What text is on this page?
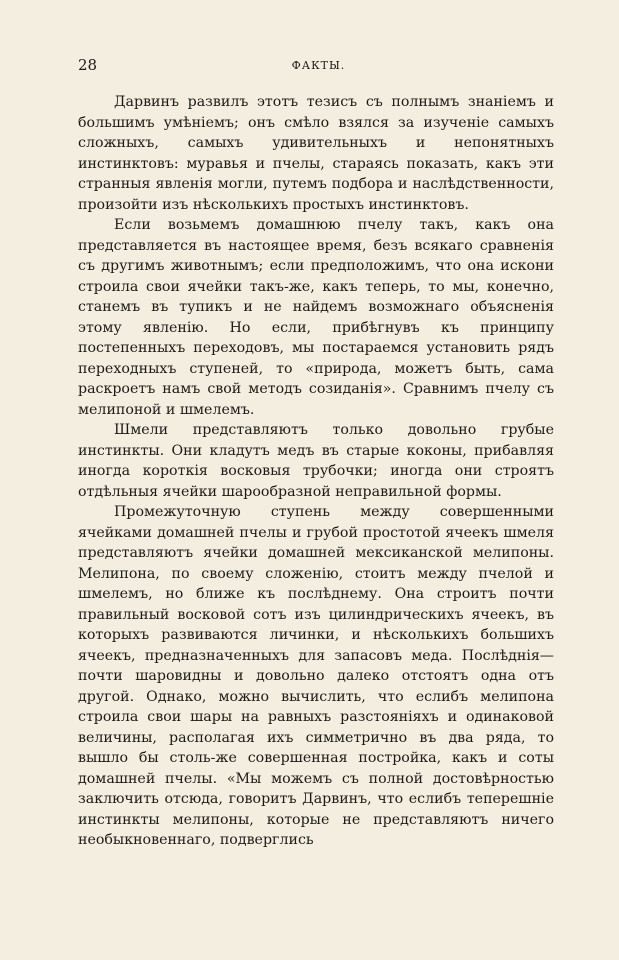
28	ФАКТЫ.

Дарвинъ развилъ этотъ тезисъ съ полнымъ знаніемъ и большимъ умѣніемъ; онъ смѣло взялся за изученіе самыхъ сложныхъ, самыхъ удивительныхъ и непонятныхъ инстинктовъ: муравья и пчелы, стараясь показать, какъ эти странныя явленія могли, путемъ подбора и наслѣдственности, произойти изъ нѣсколькихъ простыхъ инстинктовъ.

Если возьмемъ домашнюю пчелу такъ, какъ она представляется въ настоящее время, безъ всякаго сравненія съ другимъ животнымъ; если предположимъ, что она искони строила свои ячейки такъ-же, какъ теперь, то мы, конечно, станемъ въ тупикъ и не найдемъ возможнаго объясненія этому явленію. Но если, прибѣгнувъ къ принципу постепенныхъ переходовъ, мы постараемся установить рядъ переходныхъ ступеней, то «природа, можетъ быть, сама раскроетъ намъ свой методъ созиданія». Сравнимъ пчелу съ мелипоной и шмелемъ.

Шмели представляютъ только довольно грубые инстинкты. Они кладутъ медъ въ старые коконы, прибавляя иногда короткія восковыя трубочки; иногда они строятъ отдѣльныя ячейки шарообразной неправильной формы.

Промежуточную ступень между совершенными ячейками домашней пчелы и грубой простотой ячеекъ шмеля представляютъ ячейки домашней мексиканской мелипоны. Мелипона, по своему сложенію, стоитъ между пчелой и шмелемъ, но ближе къ послѣднему. Она строитъ почти правильный восковой сотъ изъ цилиндрическихъ ячеекъ, въ которыхъ развиваются личинки, и нѣсколькихъ большихъ ячеекъ, предназначенныхъ для запасовъ меда. Послѣднія—почти шаровидны и довольно далеко отстоятъ одна отъ другой. Однако, можно вычислить, что еслибъ мелипона строила свои шары на равныхъ разстояніяхъ и одинаковой величины, располагая ихъ симметрично въ два ряда, то вышло бы столь-же совершенная постройка, какъ и соты домашней пчелы. «Мы можемъ съ полной достовѣрностью заключить отсюда, говоритъ Дарвинъ, что еслибъ теперешніе инстинкты мелипоны, которые не представляютъ ничего необыкновеннаго, подверглись
